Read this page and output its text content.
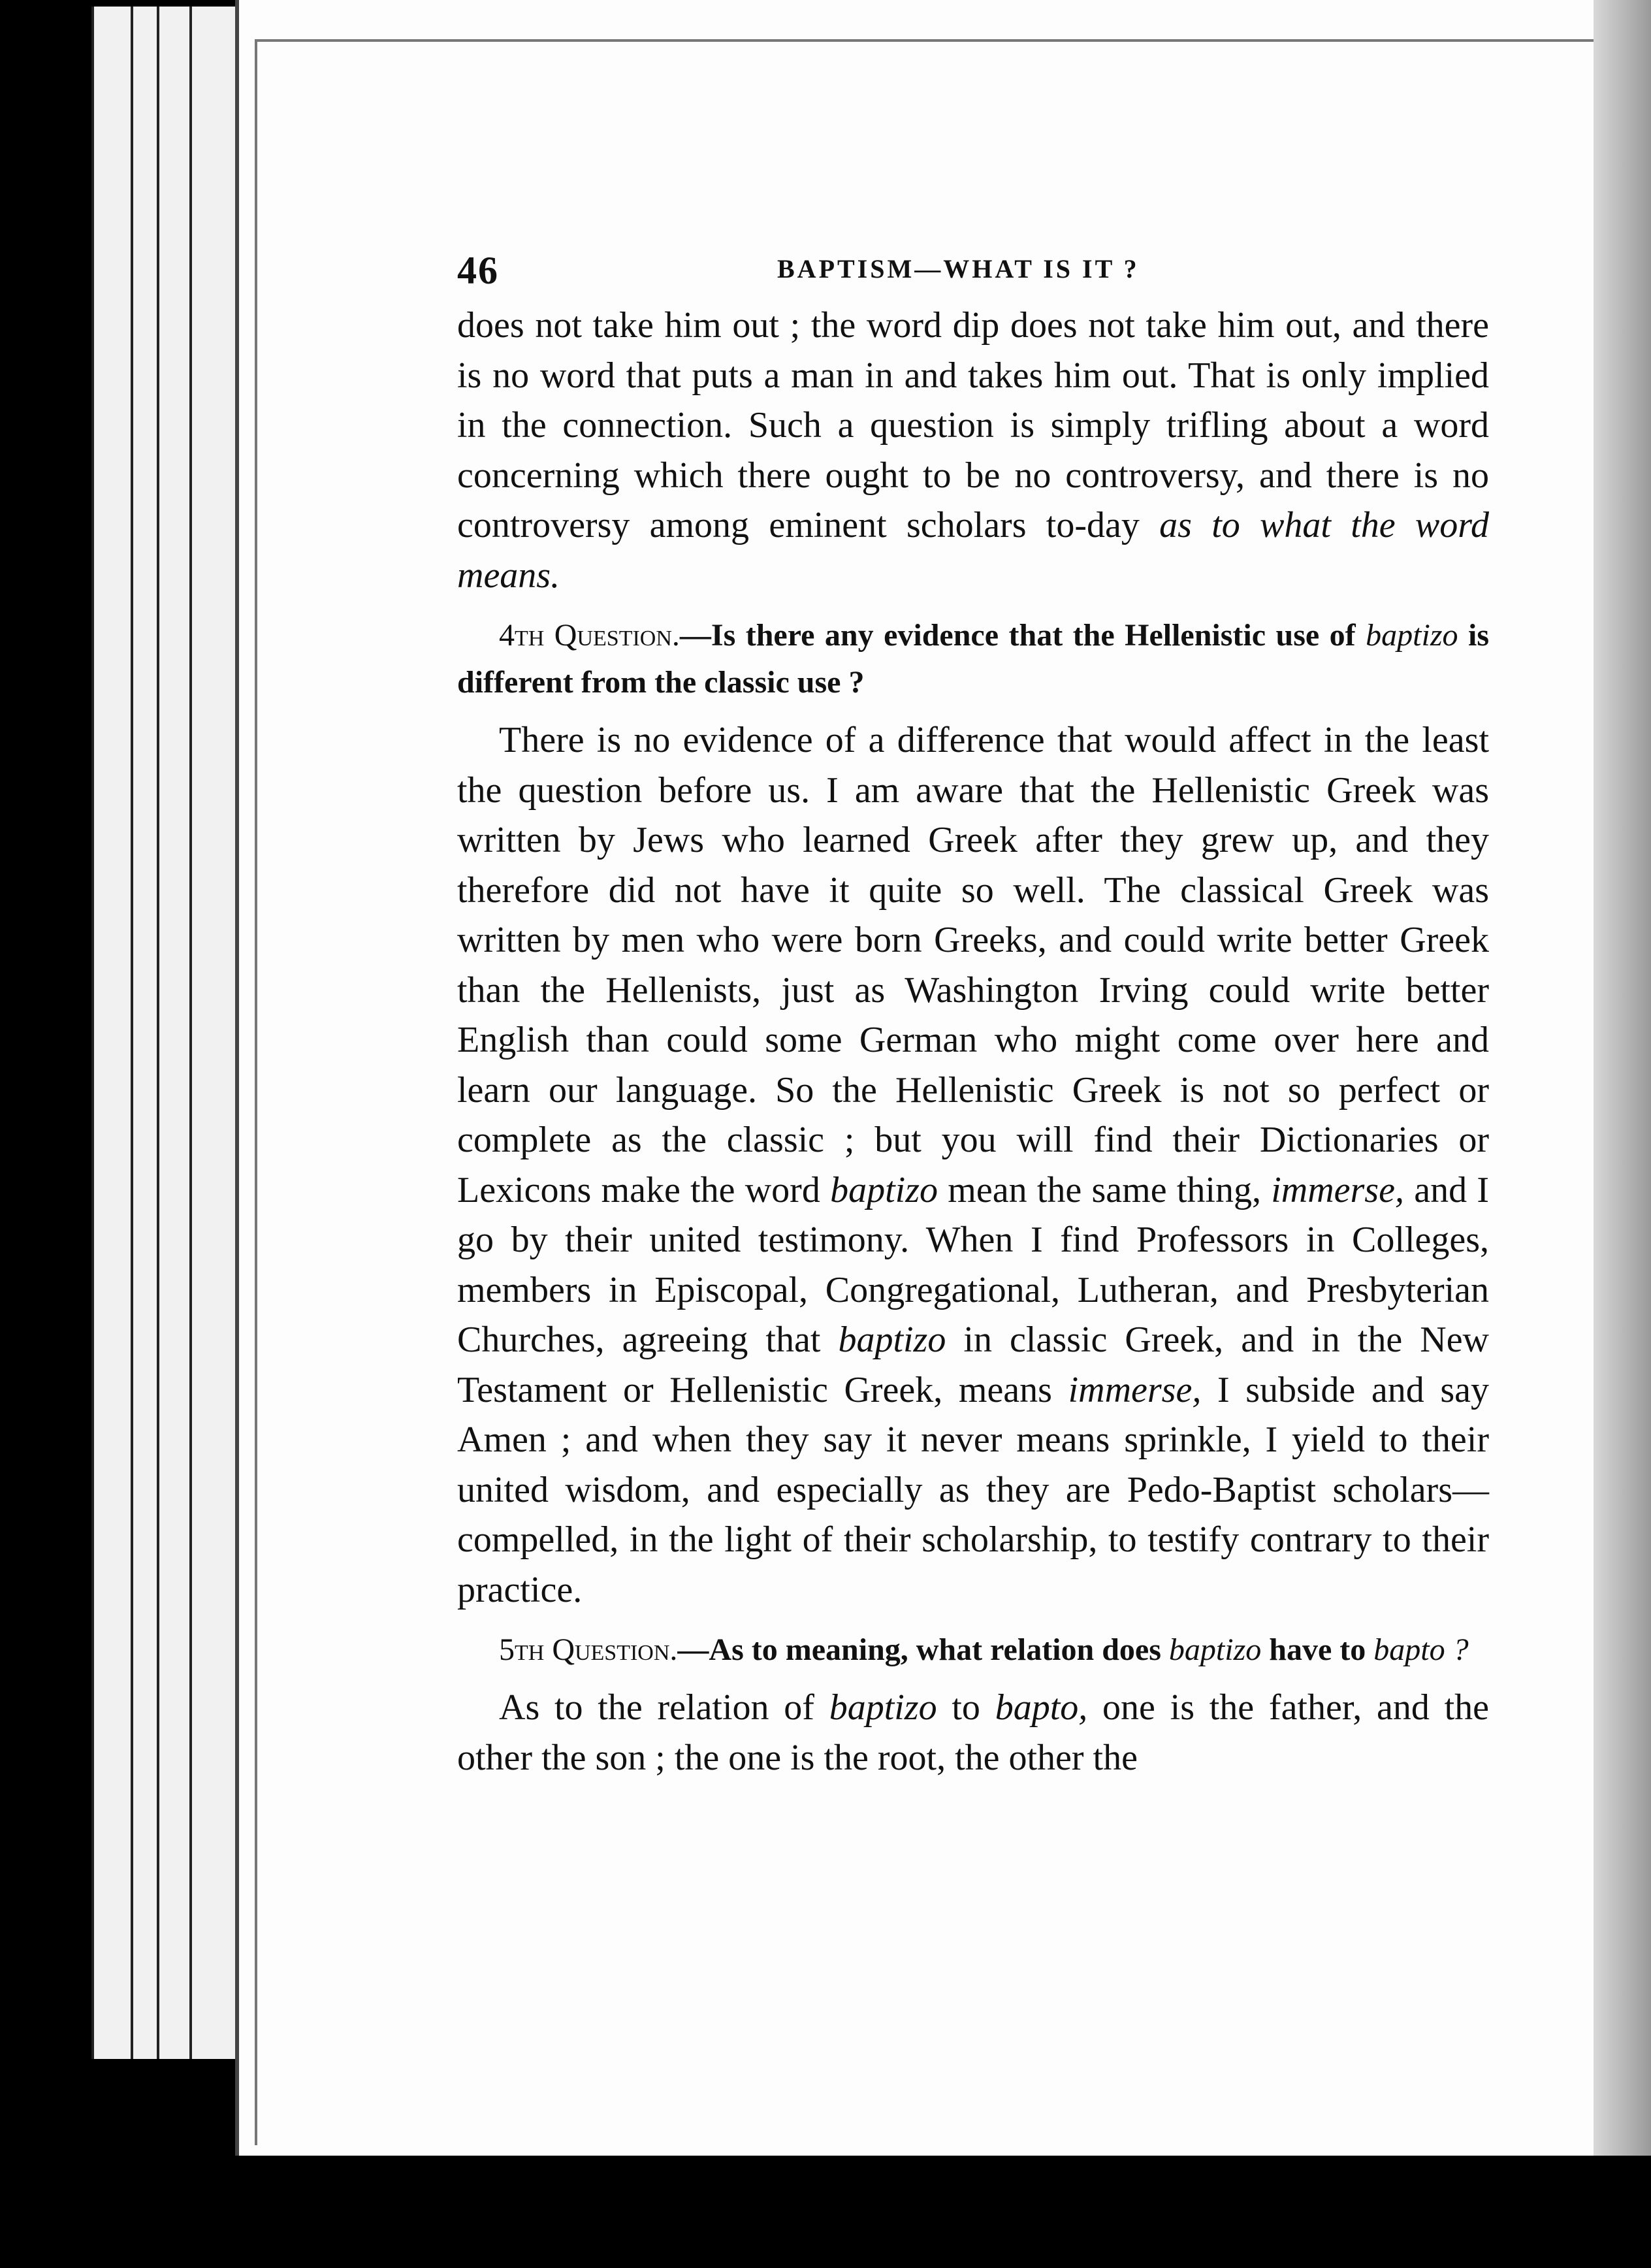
46	BAPTISM—WHAT IS IT ?

does not take him out ; the word dip does not take him out, and there is no word that puts a man in and takes him out. That is only implied in the connection. Such a question is simply trifling about a word concerning which there ought to be no controversy, and there is no controversy among eminent scholars to-day as to what the word means.

4th Question.—Is there any evidence that the Hellenistic use of baptizo is different from the classic use ?

There is no evidence of a difference that would affect in the least the question before us. I am aware that the Hellenistic Greek was written by Jews who learned Greek after they grew up, and they therefore did not have it quite so well. The classical Greek was written by men who were born Greeks, and could write better Greek than the Hellenists, just as Washington Irving could write better English than could some German who might come over here and learn our language. So the Hellenistic Greek is not so perfect or complete as the classic ; but you will find their Dictionaries or Lexicons make the word baptizo mean the same thing, immerse, and I go by their united testimony. When I find Professors in Colleges, members in Episcopal, Congregational, Lutheran, and Presbyterian Churches, agreeing that baptizo in classic Greek, and in the New Testament or Hellenistic Greek, means immerse, I subside and say Amen ; and when they say it never means sprinkle, I yield to their united wisdom, and especially as they are Pedo-Baptist scholars—compelled, in the light of their scholarship, to testify contrary to their practice.

5th Question.—As to meaning, what relation does baptizo have to bapto ?

As to the relation of baptizo to bapto, one is the father, and the other the son ; the one is the root, the other the
